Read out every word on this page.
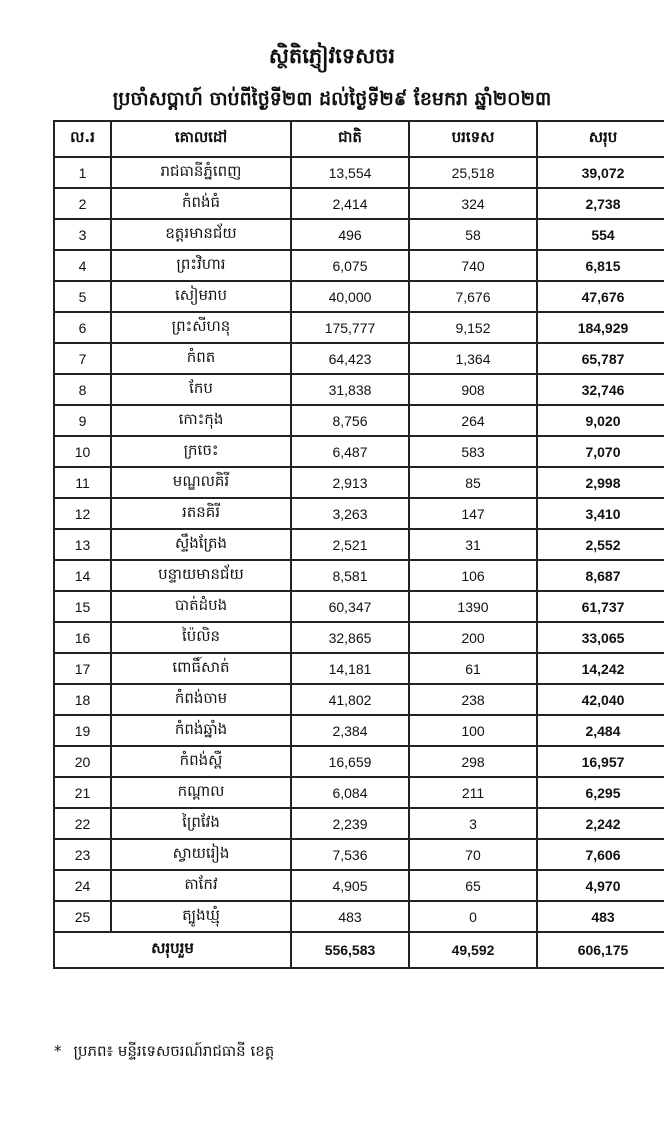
ស្ថិតិភ្ញៀវទេសចរ
ប្រចាំសប្តាហ៍ ចាប់ពីថ្ងៃទី២៣ ដល់ថ្ងៃទី២៩ ខែមករា ឆ្នាំ២០២៣
ល.រ	គោលដៅ	ជាតិ	បរទេស	សរុប
1	រាជធានីភ្នំពេញ	13,554	25,518	39,072
2	កំពង់ធំ	2,414	324	2,738
3	ឧត្តរមានជ័យ	496	58	554
4	ព្រះវិហារ	6,075	740	6,815
5	សៀមរាប	40,000	7,676	47,676
6	ព្រះសីហនុ	175,777	9,152	184,929
7	កំពត	64,423	1,364	65,787
8	កែប	31,838	908	32,746
9	កោះកុង	8,756	264	9,020
10	ក្រចេះ	6,487	583	7,070
11	មណ្ឌលគិរី	2,913	85	2,998
12	រតនគិរី	3,263	147	3,410
13	ស្ទឹងត្រែង	2,521	31	2,552
14	បន្ទាយមានជ័យ	8,581	106	8,687
15	បាត់ដំបង	60,347	1390	61,737
16	ប៉ៃលិន	32,865	200	33,065
17	ពោធិ៍សាត់	14,181	61	14,242
18	កំពង់ចាម	41,802	238	42,040
19	កំពង់ឆ្នាំង	2,384	100	2,484
20	កំពង់ស្ពឺ	16,659	298	16,957
21	កណ្តាល	6,084	211	6,295
22	ព្រៃវែង	2,239	3	2,242
23	ស្វាយរៀង	7,536	70	7,606
24	តាកែវ	4,905	65	4,970
25	ត្បូងឃ្មុំ	483	0	483
សរុបរួម		556,583	49,592	606,175
* ប្រភព៖ មន្ទីរទេសចរណ៍រាជធានី ខេត្ត
